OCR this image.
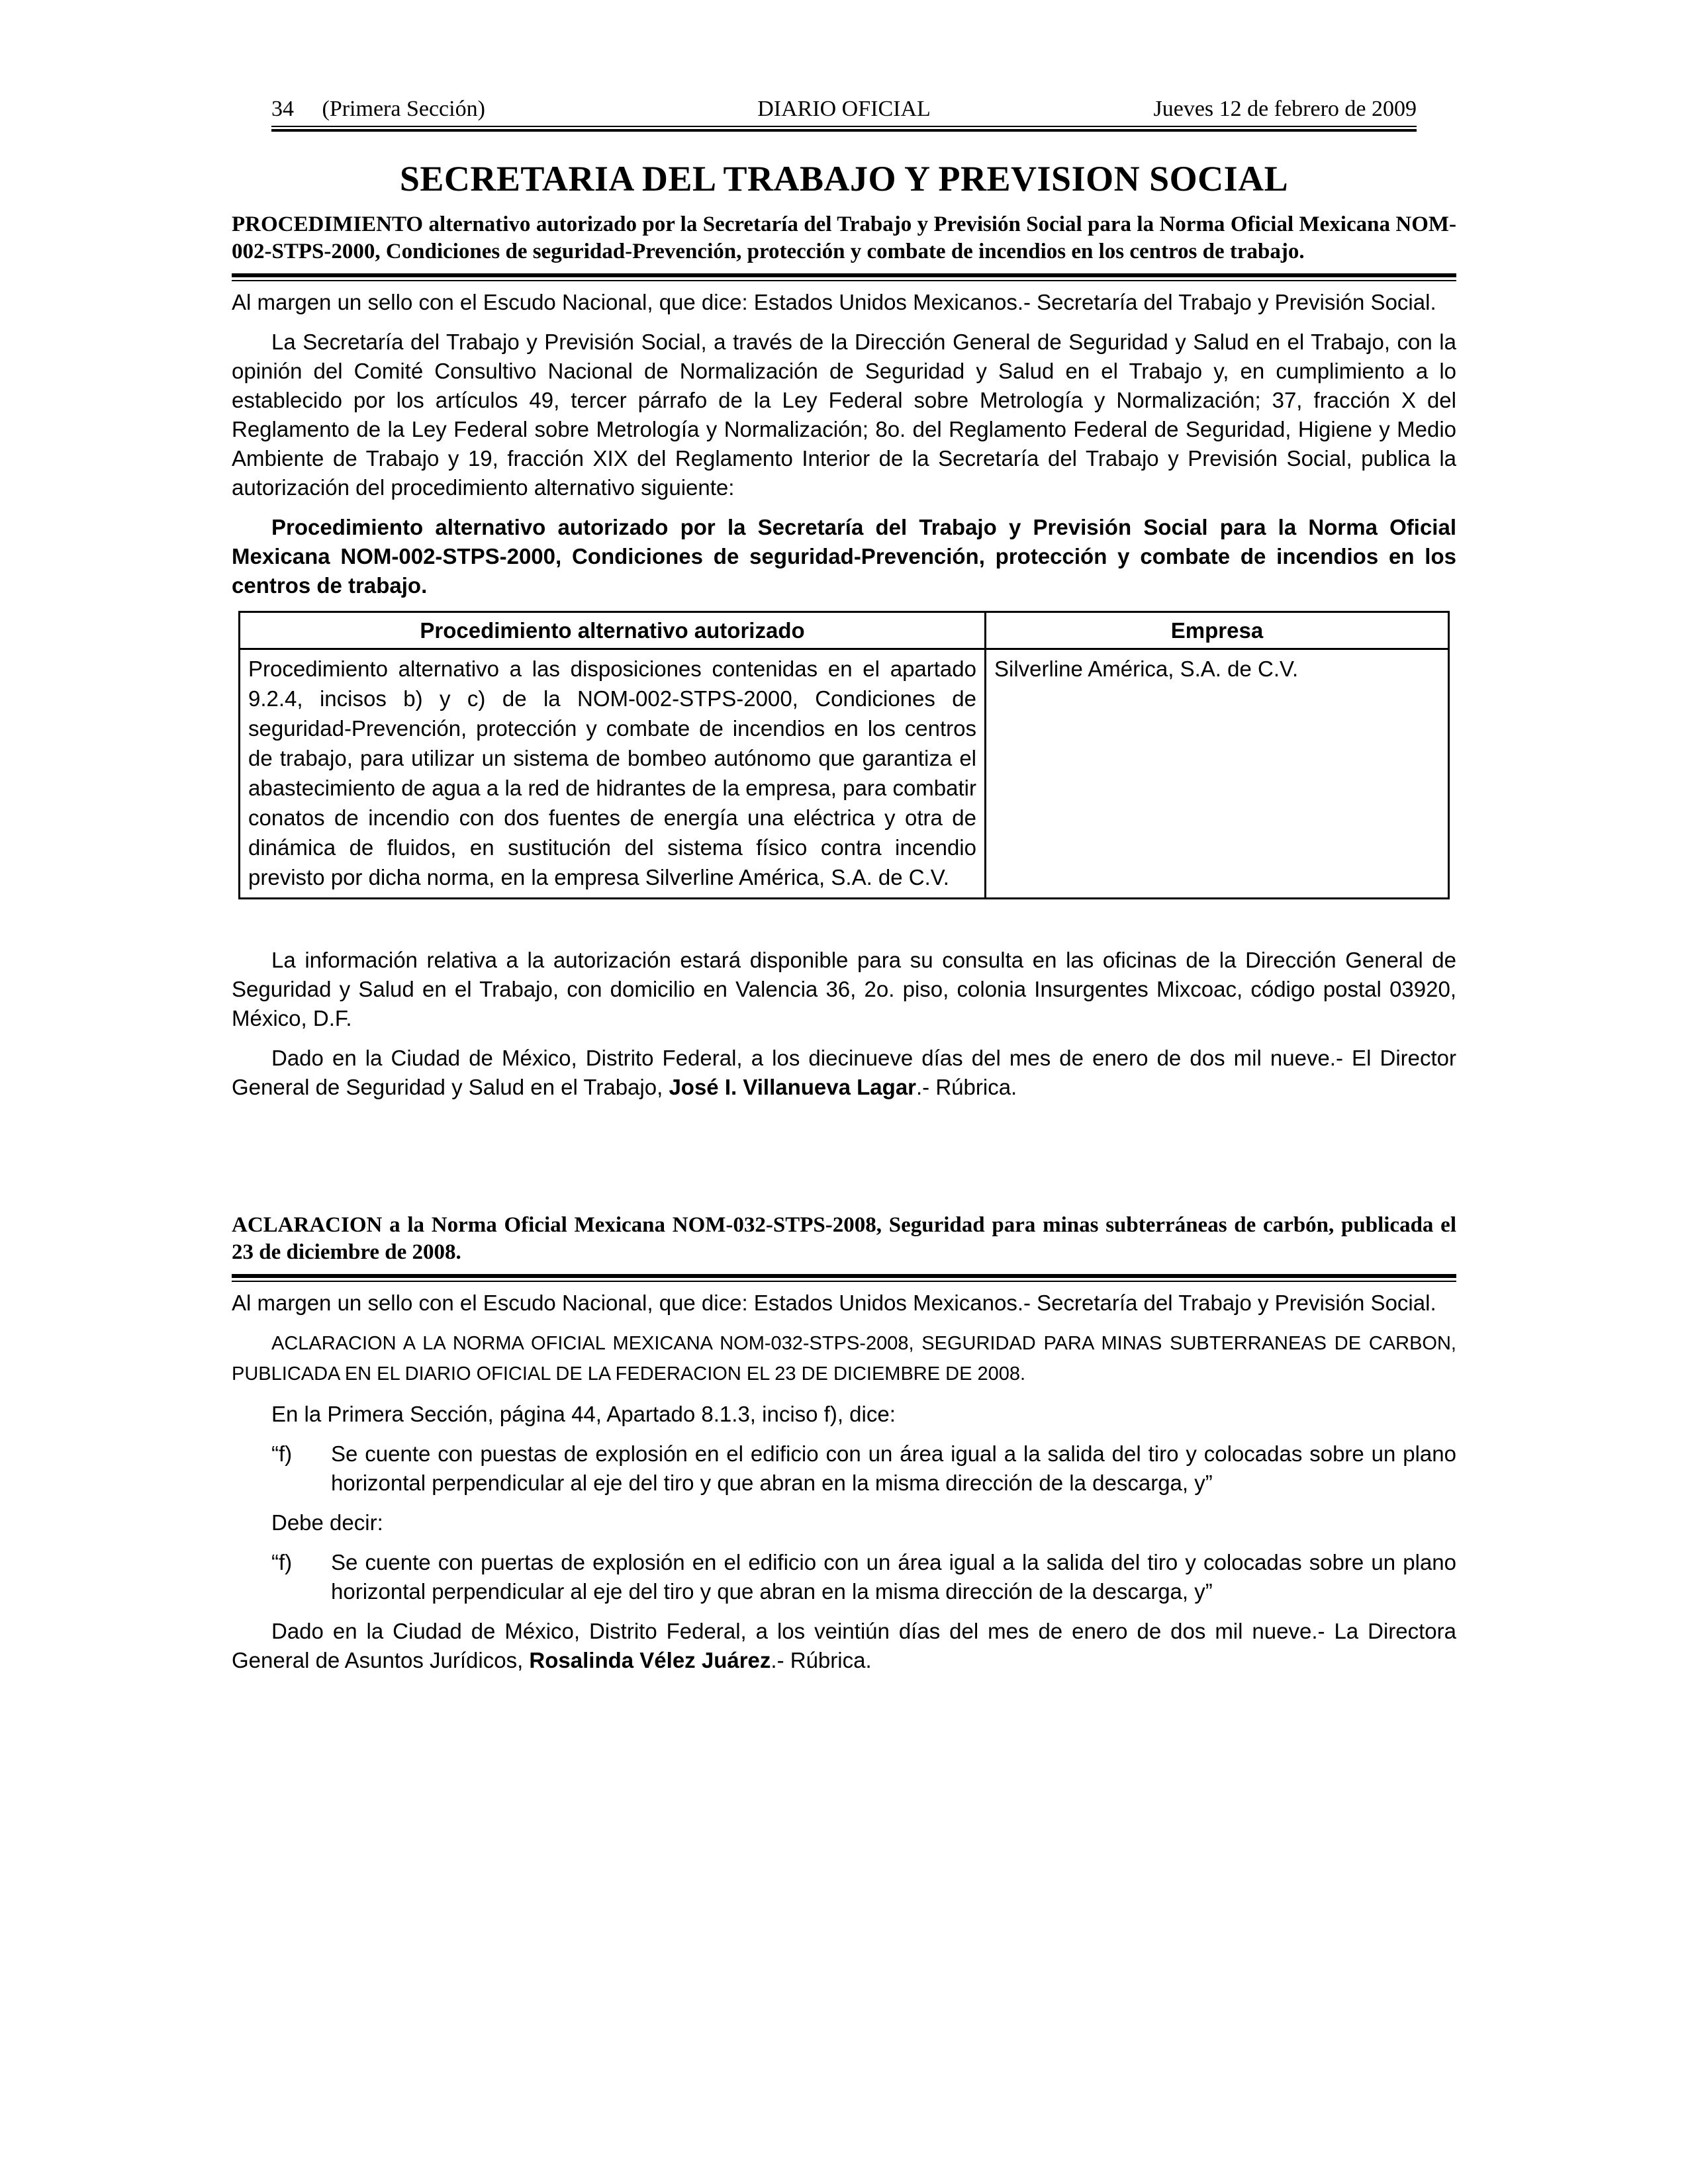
34     (Primera Sección)	DIARIO OFICIAL	Jueves 12 de febrero de 2009
SECRETARIA DEL TRABAJO Y PREVISION SOCIAL
PROCEDIMIENTO alternativo autorizado por la Secretaría del Trabajo y Previsión Social para la Norma Oficial Mexicana NOM-002-STPS-2000, Condiciones de seguridad-Prevención, protección y combate de incendios en los centros de trabajo.

Al margen un sello con el Escudo Nacional, que dice: Estados Unidos Mexicanos.- Secretaría del Trabajo y Previsión Social.

La Secretaría del Trabajo y Previsión Social, a través de la Dirección General de Seguridad y Salud en el Trabajo, con la opinión del Comité Consultivo Nacional de Normalización de Seguridad y Salud en el Trabajo y, en cumplimiento a lo establecido por los artículos 49, tercer párrafo de la Ley Federal sobre Metrología y Normalización; 37, fracción X del Reglamento de la Ley Federal sobre Metrología y Normalización; 8o. del Reglamento Federal de Seguridad, Higiene y Medio Ambiente de Trabajo y 19, fracción XIX del Reglamento Interior de la Secretaría del Trabajo y Previsión Social, publica la autorización del procedimiento alternativo siguiente:

Procedimiento alternativo autorizado por la Secretaría del Trabajo y Previsión Social para la Norma Oficial Mexicana NOM-002-STPS-2000, Condiciones de seguridad-Prevención, protección y combate de incendios en los centros de trabajo.

Procedimiento alternativo autorizado	Empresa
Procedimiento alternativo a las disposiciones contenidas en el apartado 9.2.4, incisos b) y c) de la NOM-002-STPS-2000, Condiciones de seguridad-Prevención, protección y combate de incendios en los centros de trabajo, para utilizar un sistema de bombeo autónomo que garantiza el abastecimiento de agua a la red de hidrantes de la empresa, para combatir conatos de incendio con dos fuentes de energía una eléctrica y otra de dinámica de fluidos, en sustitución del sistema físico contra incendio previsto por dicha norma, en la empresa Silverline América, S.A. de C.V.	Silverline América, S.A. de C.V.

La información relativa a la autorización estará disponible para su consulta en las oficinas de la Dirección General de Seguridad y Salud en el Trabajo, con domicilio en Valencia 36, 2o. piso, colonia Insurgentes Mixcoac, código postal 03920, México, D.F.

Dado en la Ciudad de México, Distrito Federal, a los diecinueve días del mes de enero de dos mil nueve.- El Director General de Seguridad y Salud en el Trabajo, José I. Villanueva Lagar.- Rúbrica.

ACLARACION a la Norma Oficial Mexicana NOM-032-STPS-2008, Seguridad para minas subterráneas de carbón, publicada el 23 de diciembre de 2008.

Al margen un sello con el Escudo Nacional, que dice: Estados Unidos Mexicanos.- Secretaría del Trabajo y Previsión Social.

ACLARACION A LA NORMA OFICIAL MEXICANA NOM-032-STPS-2008, SEGURIDAD PARA MINAS SUBTERRANEAS DE CARBON, PUBLICADA EN EL DIARIO OFICIAL DE LA FEDERACION EL 23 DE DICIEMBRE DE 2008.

En la Primera Sección, página 44, Apartado 8.1.3, inciso f), dice:

“f)	Se cuente con puestas de explosión en el edificio con un área igual a la salida del tiro y colocadas sobre un plano horizontal perpendicular al eje del tiro y que abran en la misma dirección de la descarga, y”

Debe decir:

“f)	Se cuente con puertas de explosión en el edificio con un área igual a la salida del tiro y colocadas sobre un plano horizontal perpendicular al eje del tiro y que abran en la misma dirección de la descarga, y”

Dado en la Ciudad de México, Distrito Federal, a los veintiún días del mes de enero de dos mil nueve.- La Directora General de Asuntos Jurídicos, Rosalinda Vélez Juárez.- Rúbrica.
